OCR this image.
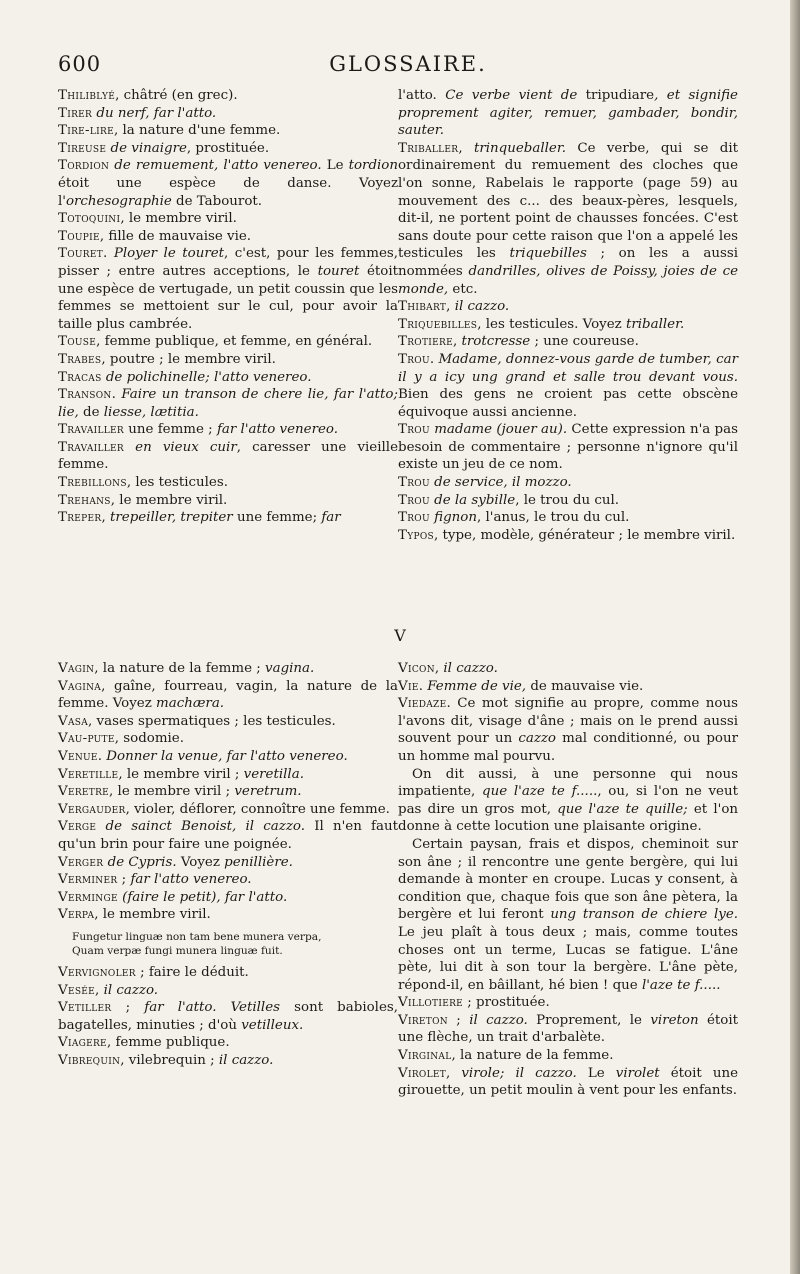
600	GLOSSAIRE.

Thiliblyé, châtré (en grec).

Tirer du nerf, far l'atto.

Tire-lire, la nature d'une femme.

Tireuse de vinaigre, prostituée.

Tordion de remuement, l'atto venereo. Le tordion étoit une espèce de danse. Voyez l'orchesographie de Tabourot.

Totoquini, le membre viril.

Toupie, fille de mauvaise vie.

Touret. Ployer le touret, c'est, pour les femmes, pisser ; entre autres acceptions, le touret étoit une espèce de vertugade, un petit coussin que les femmes se mettoient sur le cul, pour avoir la taille plus cambrée.

Touse, femme publique, et femme, en général.

Trabes, poutre ; le membre viril.

Tracas de polichinelle; l'atto venereo.

Transon. Faire un transon de chere lie, far l'atto; lie, de liesse, lætitia.

Travailler une femme ; far l'atto venereo.

Travailler en vieux cuir, caresser une vieille femme.

Trebillons, les testicules.

Trehans, le membre viril.

Treper, trepeiller, trepiter une femme; far

l'atto. Ce verbe vient de tripudiare, et signifie proprement agiter, remuer, gambader, bondir, sauter.

Triballer, trinqueballer. Ce verbe, qui se dit ordinairement du remuement des cloches que l'on sonne, Rabelais le rapporte (page 59) au mouvement des c... des beaux-pères, lesquels, dit-il, ne portent point de chausses foncées. C'est sans doute pour cette raison que l'on a appelé les testicules les triquebilles ; on les a aussi nommées dandrilles, olives de Poissy, joies de ce monde, etc.

Thibart, il cazzo.

Triquebilles, les testicules. Voyez triballer.

Trotiere, trotcresse ; une coureuse.

Trou. Madame, donnez-vous garde de tumber, car il y a icy ung grand et salle trou devant vous. Bien des gens ne croient pas cette obscène équivoque aussi ancienne.

Trou madame (jouer au). Cette expression n'a pas besoin de commentaire ; personne n'ignore qu'il existe un jeu de ce nom.

Trou de service, il mozzo.

Trou de la sybille, le trou du cul.

Trou fignon, l'anus, le trou du cul.

Typos, type, modèle, générateur ; le membre viril.

V

Vagin, la nature de la femme ; vagina.

Vagina, gaîne, fourreau, vagin, la nature de la femme. Voyez machæra.

Vasa, vases spermatiques ; les testicules.

Vau-pute, sodomie.

Venue. Donner la venue, far l'atto venereo.

Veretille, le membre viril ; veretilla.

Veretre, le membre viril ; veretrum.

Vergauder, violer, déflorer, connoître une femme.

Verge de sainct Benoist, il cazzo. Il n'en faut qu'un brin pour faire une poignée.

Verger de Cypris. Voyez penillière.

Verminer ; far l'atto venereo.

Verminge (faire le petit), far l'atto.

Verpa, le membre viril.

Fungetur linguæ non tam bene munera verpa,
Quam verpæ fungi munera linguæ fuit.

Vervignoler ; faire le déduit.

Vesée, il cazzo.

Vetiller ; far l'atto. Vetilles sont babioles, bagatelles, minuties ; d'où vetilleux.

Viagere, femme publique.

Vibrequin, vilebrequin ; il cazzo.

Vicon, il cazzo.

Vie. Femme de vie, de mauvaise vie.

Viedaze. Ce mot signifie au propre, comme nous l'avons dit, visage d'âne ; mais on le prend aussi souvent pour un cazzo mal conditionné, ou pour un homme mal pourvu.

On dit aussi, à une personne qui nous impatiente, que l'aze te f....., ou, si l'on ne veut pas dire un gros mot, que l'aze te quille; et l'on donne à cette locution une plaisante origine.

Certain paysan, frais et dispos, cheminoit sur son âne ; il rencontre une gente bergère, qui lui demande à monter en croupe. Lucas y consent, à condition que, chaque fois que son âne pètera, la bergère et lui feront ung transon de chiere lye. Le jeu plaît à tous deux ; mais, comme toutes choses ont un terme, Lucas se fatigue. L'âne pète, lui dit à son tour la bergère. L'âne pète, répond-il, en bâillant, hé bien ! que l'aze te f.....

Villotiere ; prostituée.

Vireton ; il cazzo. Proprement, le vireton étoit une flèche, un trait d'arbalète.

Virginal, la nature de la femme.

Virolet, virole; il cazzo. Le virolet étoit une girouette, un petit moulin à vent pour les enfants.
